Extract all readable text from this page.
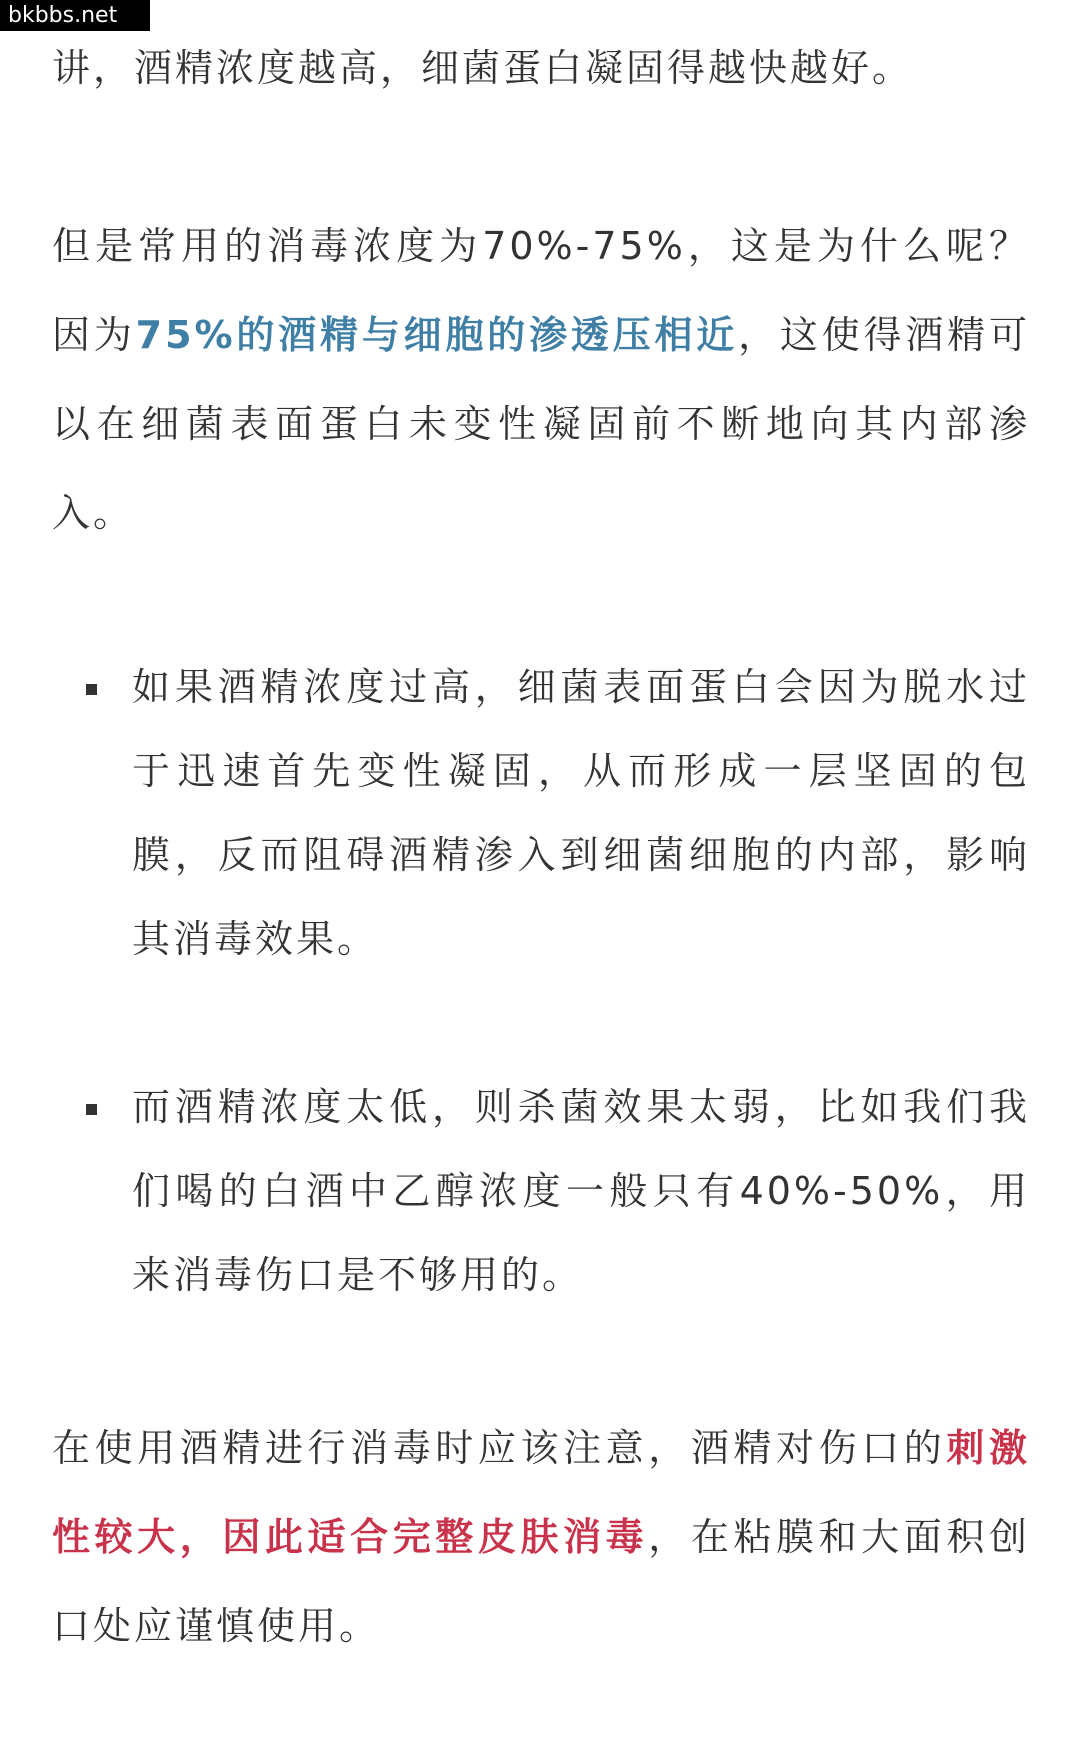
bkbbs.net

讲，酒精浓度越高，细菌蛋白凝固得越快越好。

但是常用的消毒浓度为70%-75%，这是为什么呢？因为75%的酒精与细胞的渗透压相近，这使得酒精可以在细菌表面蛋白未变性凝固前不断地向其内部渗入。

如果酒精浓度过高，细菌表面蛋白会因为脱水过于迅速首先变性凝固，从而形成一层坚固的包膜，反而阻碍酒精渗入到细菌细胞的内部，影响其消毒效果。
而酒精浓度太低，则杀菌效果太弱，比如我们我们喝的白酒中乙醇浓度一般只有40%-50%，用来消毒伤口是不够用的。

在使用酒精进行消毒时应该注意，酒精对伤口的刺激性较大，因此适合完整皮肤消毒，在粘膜和大面积创口处应谨慎使用。
